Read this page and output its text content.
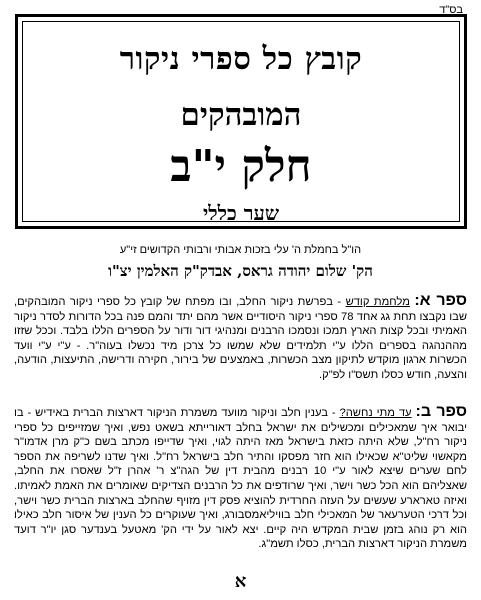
בס"ד
קובץ כל ספרי ניקור
המובהקים
חלק י"ב
שער כללי
הו"ל בחמלת ה' עלי בזכות אבותי ורבותי הקדושים זי"ע
הק' שלום יהודה גראס, אבדק"ק האלמין יצ"ו
ספר א: מלחמת קודש - בפרשת ניקור החלב, ובו מפתח של קובץ כל ספרי ניקור המובהקים, שבו נקבצו תחת גג אחד 78 ספרי ניקור היסודיים אשר מהם יתד והמם פנה בכל הדורות לסדר ניקור האמיתי ובכל קצות הארץ תמכו ונסמכו הרבנים ומנהיגי דור ודור על הספרים הללו בלבד. וככל שזזו מההנהגה בספרים הללו ע"י תלמידים שלא שמשו כל צרכן מיד נכשלו בעוה"ר. - ע"י ע"י וועד הכשרות ארגון מוקדש לתיקון מצב הכשרות, באמצעים של בירור, חקירה ודרישה, התיעצות, הודעה, והצעה, חודש כסלו תשס"ו לפ"ק.
ספר ב: עד מתי נחשה? - בענין חלב וניקור מוועד משמרת הניקור דארצות הברית באידיש - בו יבואר איך שמאכילים ומכשילים את ישראל בחלב דאורייתא בשאט נפש, ואיך שמזייפים כל ספרי ניקור רח"ל, שלא היתה כזאת בישראל מאז היתה לגוי, ואיך שדייפו מכתב בשם כ"ק מרן אדמו"ר מקאשוי שליט"א שכאילו הוא חזר מפסקו והתיר חלב בישראל רח"ל. ואיך שדנו לשריפה את הספר לחם שערים שיצא לאור ע"י 10 רבנים מהבית דין של הגה"צ ר' אהרן ז"ל שאסרו את החלב, שאצליהם הוא הכל כשר וישר, ואיך שרודפים את כל הרבנים הצדיקים שאומרים את האמת לאמיתו. ואיזה טארארע שעשים על העזה החרדית להוציא פסק דין מזויף שהחלב בארצות הברית כשר וישר, וכל דרכי הטערעאר של המאכילי חלב בוויליאמסבורג, ואיך שעוקרים כל הענין של איסור חלב כאילו הוא רק נוהג בזמן שבית המקדש היה קיים. יצא לאור על ידי הק' מאטעל בענדער סגן יו"ר דועד משמרת הניקור דארצות הברית, כסלו תשמ"ג.
א
